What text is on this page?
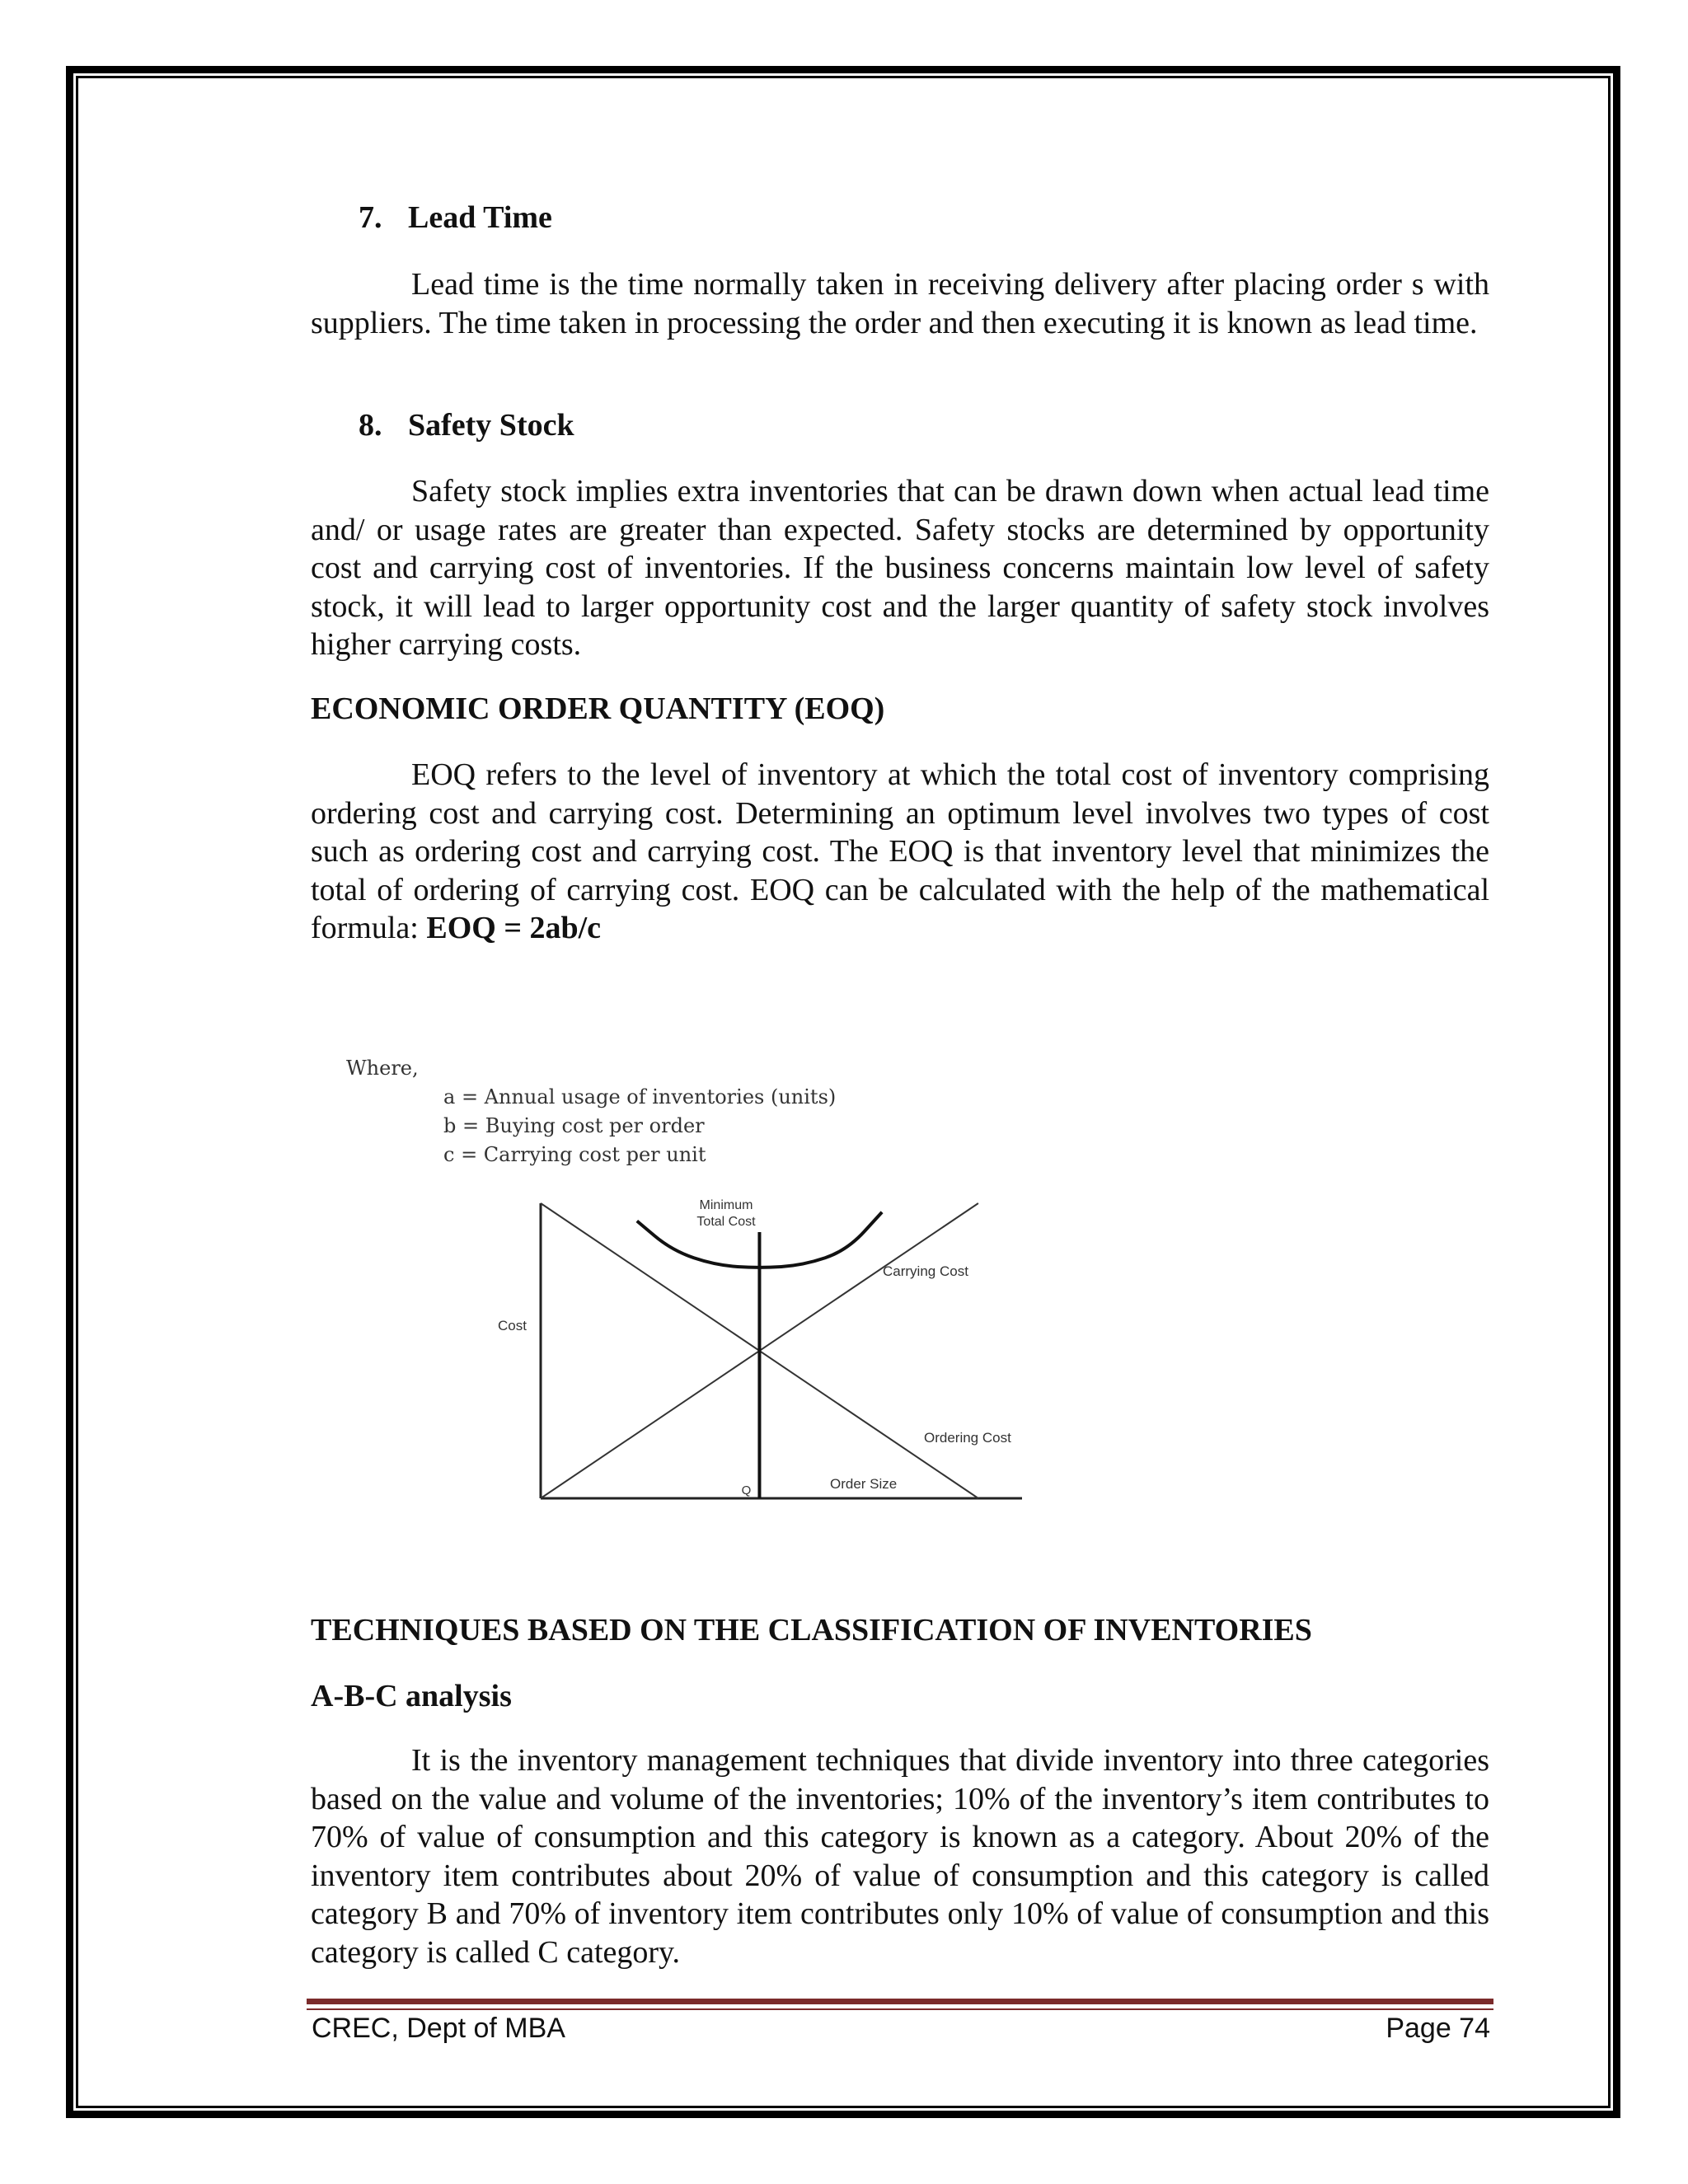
7. Lead Time
Lead time is the time normally taken in receiving delivery after placing order s with suppliers. The time taken in processing the order and then executing it is known as lead time.
8. Safety Stock
Safety stock implies extra inventories that can be drawn down when actual lead time and/ or usage rates are greater than expected. Safety stocks are determined by opportunity cost and carrying cost of inventories. If the business concerns maintain low level of safety stock, it will lead to larger opportunity cost and the larger quantity of safety stock involves higher carrying costs.
ECONOMIC ORDER QUANTITY (EOQ)
EOQ refers to the level of inventory at which the total cost of inventory comprising ordering cost and carrying cost. Determining an optimum level involves two types of cost such as ordering cost and carrying cost. The EOQ is that inventory level that minimizes the total of ordering of carrying cost. EOQ can be calculated with the help of the mathematical formula: EOQ = 2ab/c
Where,
a = Annual usage of inventories (units)
b = Buying cost per order
c = Carrying cost per unit
Cost
Order Size
Minimum
Total Cost
Carrying Cost
Ordering Cost
Q
TECHNIQUES BASED ON THE CLASSIFICATION OF INVENTORIES
A-B-C analysis
It is the inventory management techniques that divide inventory into three categories based on the value and volume of the inventories; 10% of the inventory’s item contributes to 70% of value of consumption and this category is known as a category. About 20% of the inventory item contributes about 20% of value of consumption and this category is called category B and 70% of inventory item contributes only 10% of value of consumption and this category is called C category.
CREC, Dept of MBA	Page 74
